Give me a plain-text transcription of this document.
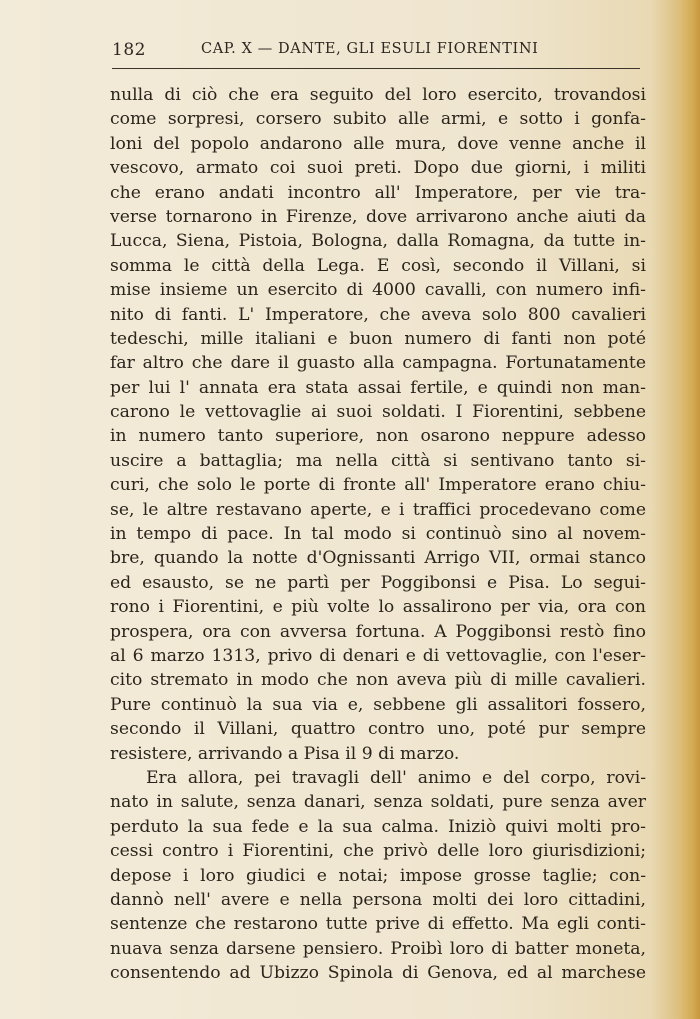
182	CAP. X — DANTE, GLI ESULI FIORENTINI
nulla di ciò che era seguito del loro esercito, trovandosi
come sorpresi, corsero subito alle armi, e sotto i gonfa-
loni del popolo andarono alle mura, dove venne anche il
vescovo, armato coi suoi preti. Dopo due giorni, i militi
che erano andati incontro all' Imperatore, per vie tra-
verse tornarono in Firenze, dove arrivarono anche aiuti da
Lucca, Siena, Pistoia, Bologna, dalla Romagna, da tutte in-
somma le città della Lega. E così, secondo il Villani, si
mise insieme un esercito di 4000 cavalli, con numero infi-
nito di fanti. L' Imperatore, che aveva solo 800 cavalieri
tedeschi, mille italiani e buon numero di fanti non poté
far altro che dare il guasto alla campagna. Fortunatamente
per lui l' annata era stata assai fertile, e quindi non man-
carono le vettovaglie ai suoi soldati. I Fiorentini, sebbene
in numero tanto superiore, non osarono neppure adesso
uscire a battaglia; ma nella città si sentivano tanto si-
curi, che solo le porte di fronte all' Imperatore erano chiu-
se, le altre restavano aperte, e i traffici procedevano come
in tempo di pace. In tal modo si continuò sino al novem-
bre, quando la notte d'Ognissanti Arrigo VII, ormai stanco
ed esausto, se ne partì per Poggibonsi e Pisa. Lo segui-
rono i Fiorentini, e più volte lo assalirono per via, ora con
prospera, ora con avversa fortuna. A Poggibonsi restò fino
al 6 marzo 1313, privo di denari e di vettovaglie, con l'eser-
cito stremato in modo che non aveva più di mille cavalieri.
Pure continuò la sua via e, sebbene gli assalitori fossero,
secondo il Villani, quattro contro uno, poté pur sempre
resistere, arrivando a Pisa il 9 di marzo.
Era allora, pei travagli dell' animo e del corpo, rovi-
nato in salute, senza danari, senza soldati, pure senza aver
perduto la sua fede e la sua calma. Iniziò quivi molti pro-
cessi contro i Fiorentini, che privò delle loro giurisdizioni;
depose i loro giudici e notai; impose grosse taglie; con-
dannò nell' avere e nella persona molti dei loro cittadini,
sentenze che restarono tutte prive di effetto. Ma egli conti-
nuava senza darsene pensiero. Proibì loro di batter moneta,
consentendo ad Ubizzo Spinola di Genova, ed al marchese
